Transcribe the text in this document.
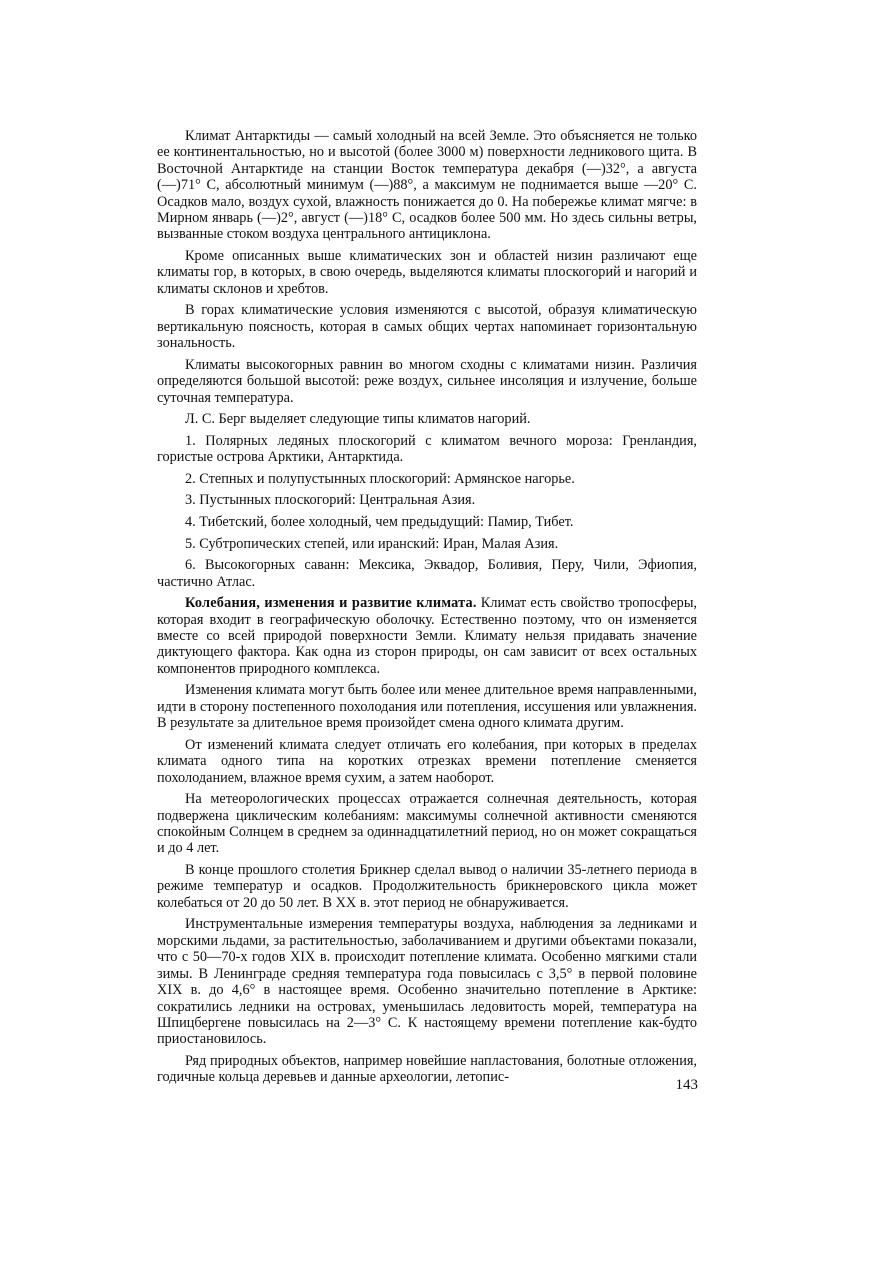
Климат Антарктиды — самый холодный на всей Земле. Это объясняется не только ее континентальностью, но и высотой (более 3000 м) поверхности ледникового щита. В Восточной Антарктиде на станции Восток температура декабря (—)32°, а августа (—)71° С, абсолютный минимум (—)88°, а максимум не поднимается выше —20° С. Осадков мало, воздух сухой, влажность понижается до 0. На побережье климат мягче: в Мирном январь (—)2°, август (—)18° С, осадков более 500 мм. Но здесь сильны ветры, вызванные стоком воздуха центрального антициклона.

Кроме описанных выше климатических зон и областей низин различают еще климаты гор, в которых, в свою очередь, выделяются климаты плоскогорий и нагорий и климаты склонов и хребтов.

В горах климатические условия изменяются с высотой, образуя климатическую вертикальную поясность, которая в самых общих чертах напоминает горизонтальную зональность.

Климаты высокогорных равнин во многом сходны с климатами низин. Различия определяются большой высотой: реже воздух, сильнее инсоляция и излучение, больше суточная температура.

Л. С. Берг выделяет следующие типы климатов нагорий.

1. Полярных ледяных плоскогорий с климатом вечного мороза: Гренландия, гористые острова Арктики, Антарктида.

2. Степных и полупустынных плоскогорий: Армянское нагорье.

3. Пустынных плоскогорий: Центральная Азия.

4. Тибетский, более холодный, чем предыдущий: Памир, Тибет.

5. Субтропических степей, или иранский: Иран, Малая Азия.

6. Высокогорных саванн: Мексика, Эквадор, Боливия, Перу, Чили, Эфиопия, частично Атлас.

Колебания, изменения и развитие климата. Климат есть свойство тропосферы, которая входит в географическую оболочку. Естественно поэтому, что он изменяется вместе со всей природой поверхности Земли. Климату нельзя придавать значение диктующего фактора. Как одна из сторон природы, он сам зависит от всех остальных компонентов природного комплекса.

Изменения климата могут быть более или менее длительное время направленными, идти в сторону постепенного похолодания или потепления, иссушения или увлажнения. В результате за длительное время произойдет смена одного климата другим.

От изменений климата следует отличать его колебания, при которых в пределах климата одного типа на коротких отрезках времени потепление сменяется похолоданием, влажное время сухим, а затем наоборот.

На метеорологических процессах отражается солнечная деятельность, которая подвержена циклическим колебаниям: максимумы солнечной активности сменяются спокойным Солнцем в среднем за одиннадцатилетний период, но он может сокращаться и до 4 лет.

В конце прошлого столетия Брикнер сделал вывод о наличии 35-летнего периода в режиме температур и осадков. Продолжительность брикнеровского цикла может колебаться от 20 до 50 лет. В XX в. этот период не обнаруживается.

Инструментальные измерения температуры воздуха, наблюдения за ледниками и морскими льдами, за растительностью, заболачиванием и другими объектами показали, что с 50—70-х годов XIX в. происходит потепление климата. Особенно мягкими стали зимы. В Ленинграде средняя температура года повысилась с 3,5° в первой половине XIX в. до 4,6° в настоящее время. Особенно значительно потепление в Арктике: сократились ледники на островах, уменьшилась ледовитость морей, температура на Шпицбергене повысилась на 2—3° С. К настоящему времени потепление как-будто приостановилось.

Ряд природных объектов, например новейшие напластования, болотные отложения, годичные кольца деревьев и данные археологии, летопис-	143
